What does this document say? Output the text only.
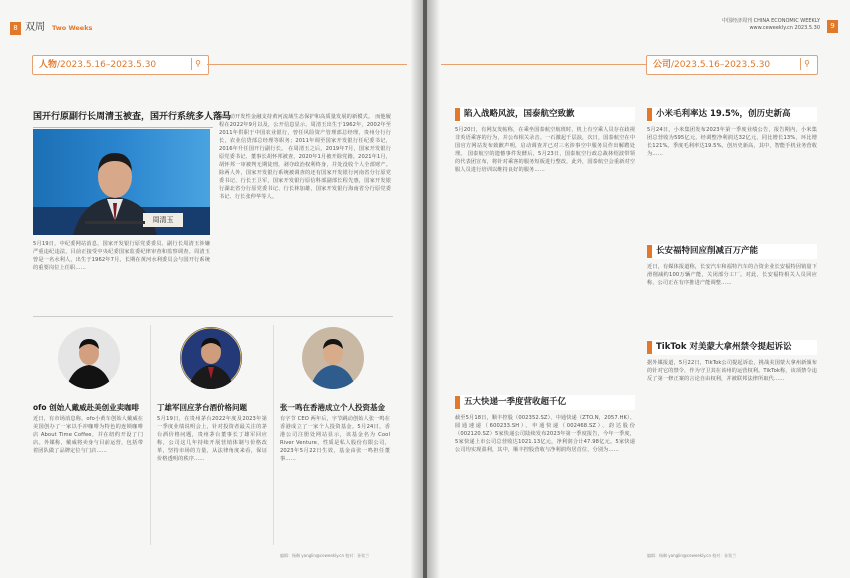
8 双周 Two Weeks
人物/2023.5.16–2023.5.30	⚲
国开行原副行长周清玉被查，国开行系统多人落马
周清玉
5月19日，中纪委网站消息，国家开发银行原党委委员、副行长周清玉涉嫌严重违纪违法，目前正接受中央纪委国家监委纪律审查和监察调查。周清玉曾是一名水利人，出生于1962年7月，长期在黄河水利委员会与国开行系统的重要岗位上任职……
划推动开发性金融支持黄河流域生态保护和高质量发展的新模式。 而他履程在2022年9月以及，公开信息显示，周清玉出生于1962年，2002年至2011年供职于中国农业银行，曾任风险资产管理部总经理，贵州分行行长，农业信贷部总经理等职务；2011年调至国家开发银行任纪委书记，2016年升任国开行副行长。 在周清玉之后，2019年7月，国家开发银行原党委书记、董事长胡怀邦被查，2020年1月被开除党籍。2021年1月，胡怀邦一审被判无期徒刑，剥夺政治权利终身，并处没收个人全部财产。 除两人外，国家开发银行系统被调查的还有国家开发银行河南省分行原党委书记、行长王卫军，国家开发银行原信科部副部长程先惠，国家开发银行湖北省分行原党委书记、行长林加雄，国家开发银行海南省分行原党委书记、行长张仲华等人。
ofo 创始人戴威赴美创业卖咖啡
近日，有市场消息称，ofo小黄车创始人戴威在美国创办了一家以手冲咖啡为特色的连锁咖啡店 About Time Coffee，并在纽约开设了门店。外媒称，戴威将卖身与目前运营，包括带着团队做了品牌定位与门店……
丁雄军回应茅台酒价格问题
5月19日，在贵州茅台2022年度及2023年第一季度业绩说明会上，针对投资者最关注的茅台酒价格问题，贵州茅台董事长丁雄军回应称，公司这几年持续开展营销体制与价格改革，坚持市场的力量，从法律角度来看，保证价格透明的秩序……
张一鸣在香港成立个人投资基金
有字节 CEO 两年后，字节跳动创始人张一鸣在香港成立了一家个人投资基金。5月24日，香港公司注册处网站显示，该基金名为 Cool River Venture，性质是私人股份有限公司，2023年5月22日生效，基金由张一鸣担任董事……
编辑：杨琳 yanglin@ceweekly.cn 校对：孙钦兰
中国经济周刊 CHINA ECONOMIC WEEKLY
www.ceweekly.cn 2023.5.30	9
公司/2023.5.16–2023.5.30	⚲
陷入战略风波，国泰航空致歉
5月20日，有网友发帖称，在乘坐国泰航空航班时，机上有空乘人员存在歧视非英语乘客的行为，并公布相关录音。一石激起千层浪，次日，国泰航空在中国官方网站发布致歉声明，启动调查并已对三名涉事空中服务员作出解聘处理。 国泰航空的遗憾事件发酵后，5月23日，国泰航空行政总裁林绍波带领的代表团宣布，将针对乘客的服务短板进行整改，此外，国泰航空会重新对空服人员进行培训以维持良好的服务……
五大快递一季度营收超千亿
截至5月18日，顺丰控股（002352.SZ）、中通快递（ZTO.N，2057.HK）、圆通速递（600233.SH）、申通快递（002468.SZ）、韵达股份（002120.SZ）5家快递公司陆续发布2023年第一季度报告，今年一季度，5家快递上市公司总营收达1021.13亿元，净利润合计47.98亿元。5家快递公司均实现盈利，其中，顺丰控股营收与净利润均居首位，分别为……
小米毛利率达 19.5%，创历史新高
5月24日，小米集团发布2023年第一季度业绩公告，报告期内，小米集团总营收为595亿元，经调整净利润达32亿元，同比增长13%，环比增长121%。季度毛利率达19.5%，创历史新高，其中，智能手机业务营收为……
长安福特回应削减百万产能
近日，有媒体报道称，长安汽车和福特汽车的合资企业长安福特因销量下滑削减约100万辆产能，关闭部分工厂。对此，长安福特相关人员回应称，公司正在有序推进产能调整……
TikTok 对美蒙大拿州禁令提起诉讼
据外媒报道，5月22日，TikTok公司提起诉讼，挑战美国蒙大拿州新颁布的针对它的禁令，作为守卫其在该州的运营权利。TikTok称，该项禁令违反了第一修正案的言论自由权利，并被联邦法律所取代……
编辑：杨琳 yanglin@ceweekly.cn 校对：孙钦兰
